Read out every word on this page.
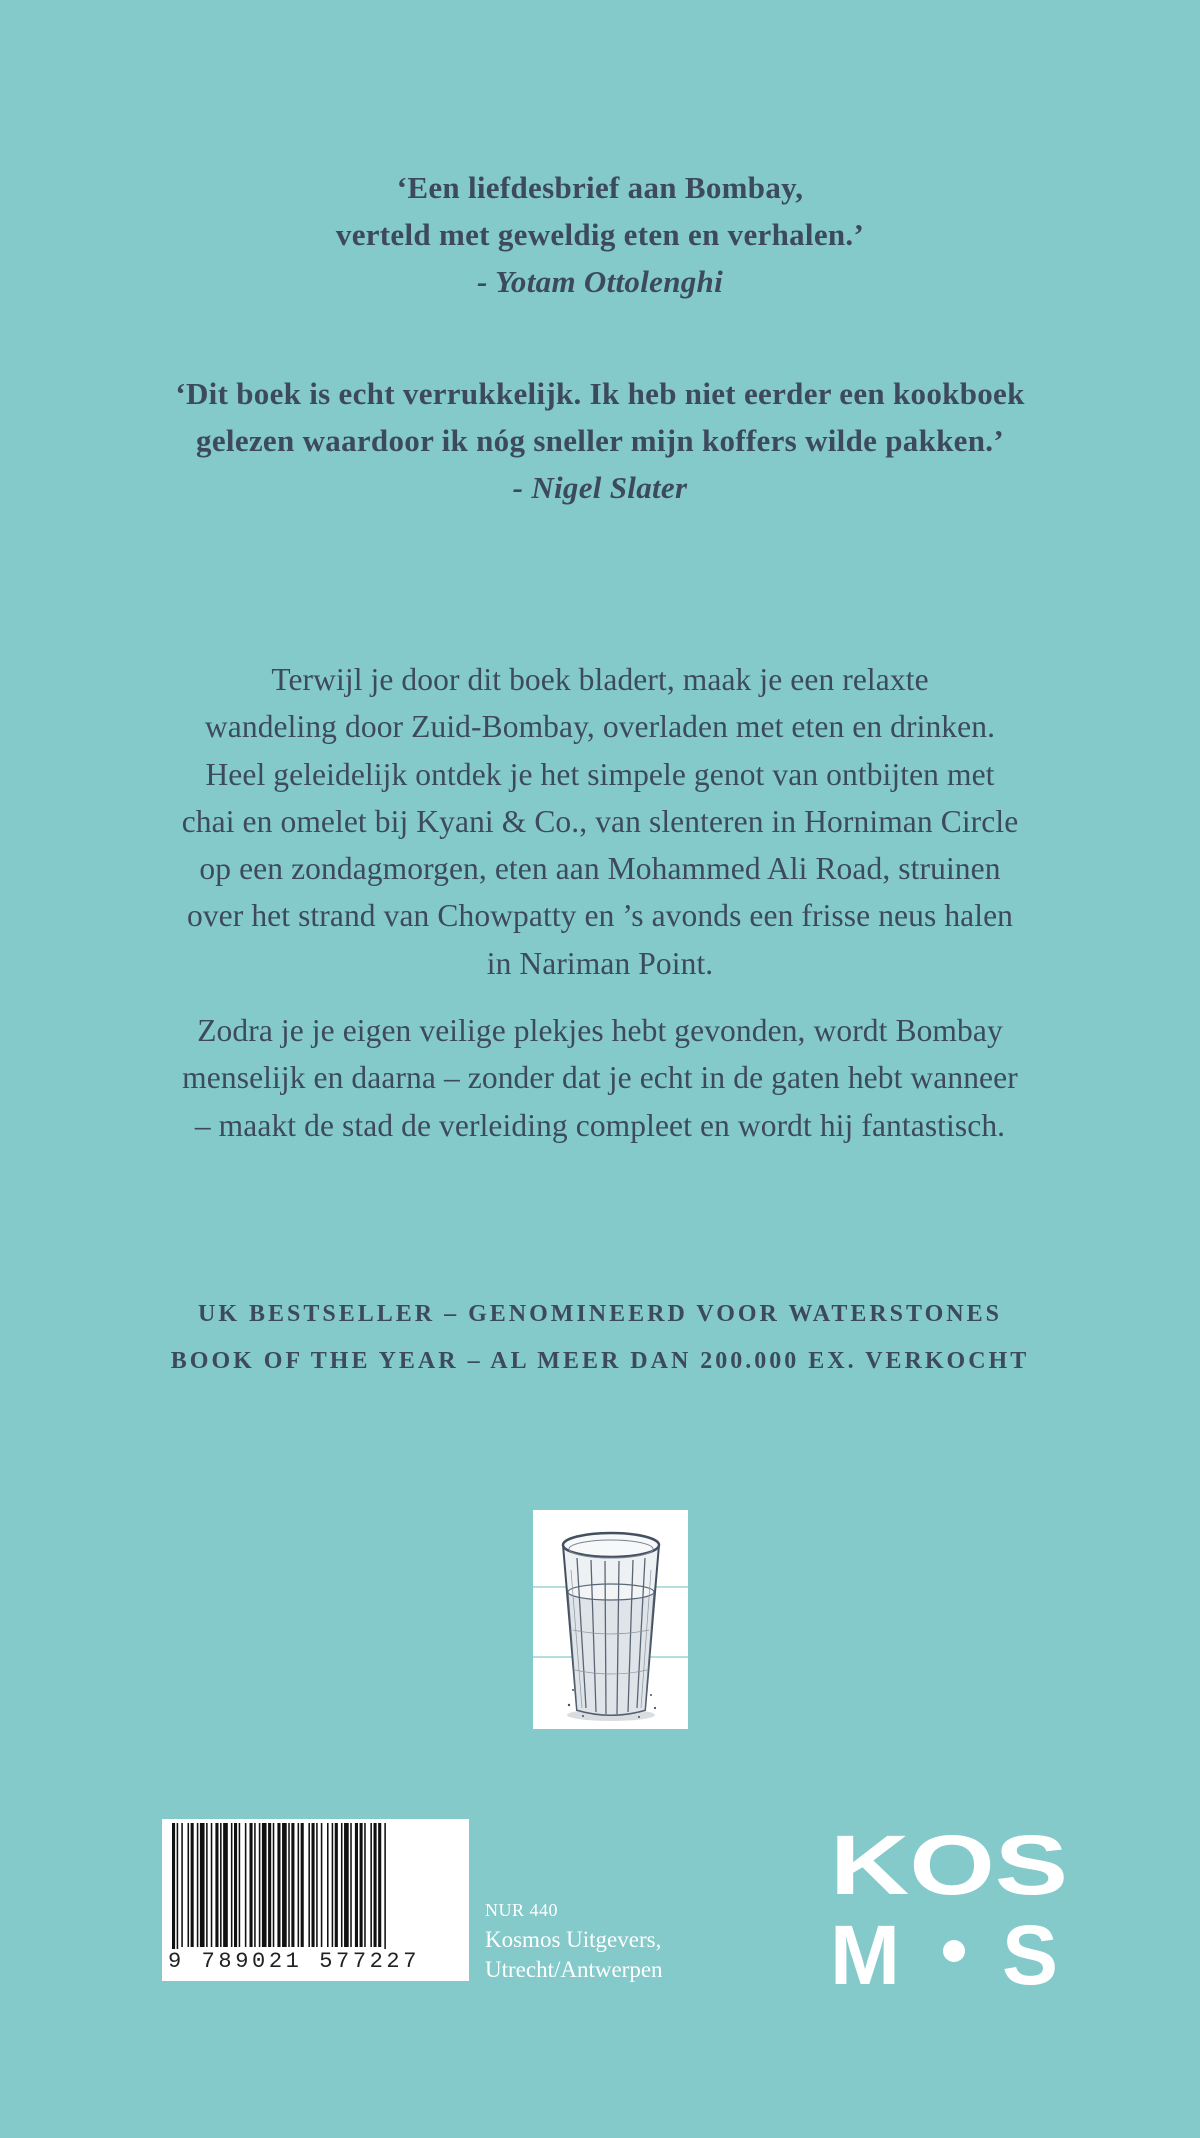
‘Een liefdesbrief aan Bombay,
verteld met geweldig eten en verhalen.’
- Yotam Ottolenghi
‘Dit boek is echt verrukkelijk. Ik heb niet eerder een kookboek
gelezen waardoor ik nóg sneller mijn koffers wilde pakken.’
- Nigel Slater
Terwijl je door dit boek bladert, maak je een relaxte
wandeling door Zuid-Bombay, overladen met eten en drinken.
Heel geleidelijk ontdek je het simpele genot van ontbijten met
chai en omelet bij Kyani & Co., van slenteren in Horniman Circle
op een zondagmorgen, eten aan Mohammed Ali Road, struinen
over het strand van Chowpatty en ’s avonds een frisse neus halen
in Nariman Point.
Zodra je je eigen veilige plekjes hebt gevonden, wordt Bombay
menselijk en daarna – zonder dat je echt in de gaten hebt wanneer
– maakt de stad de verleiding compleet en wordt hij fantastisch.
UK BESTSELLER – GENOMINEERD VOOR WATERSTONES
BOOK OF THE YEAR – AL MEER DAN 200.000 EX. VERKOCHT
9 789021 577227
NUR 440
Kosmos Uitgevers,
Utrecht/Antwerpen
KOS
M S
